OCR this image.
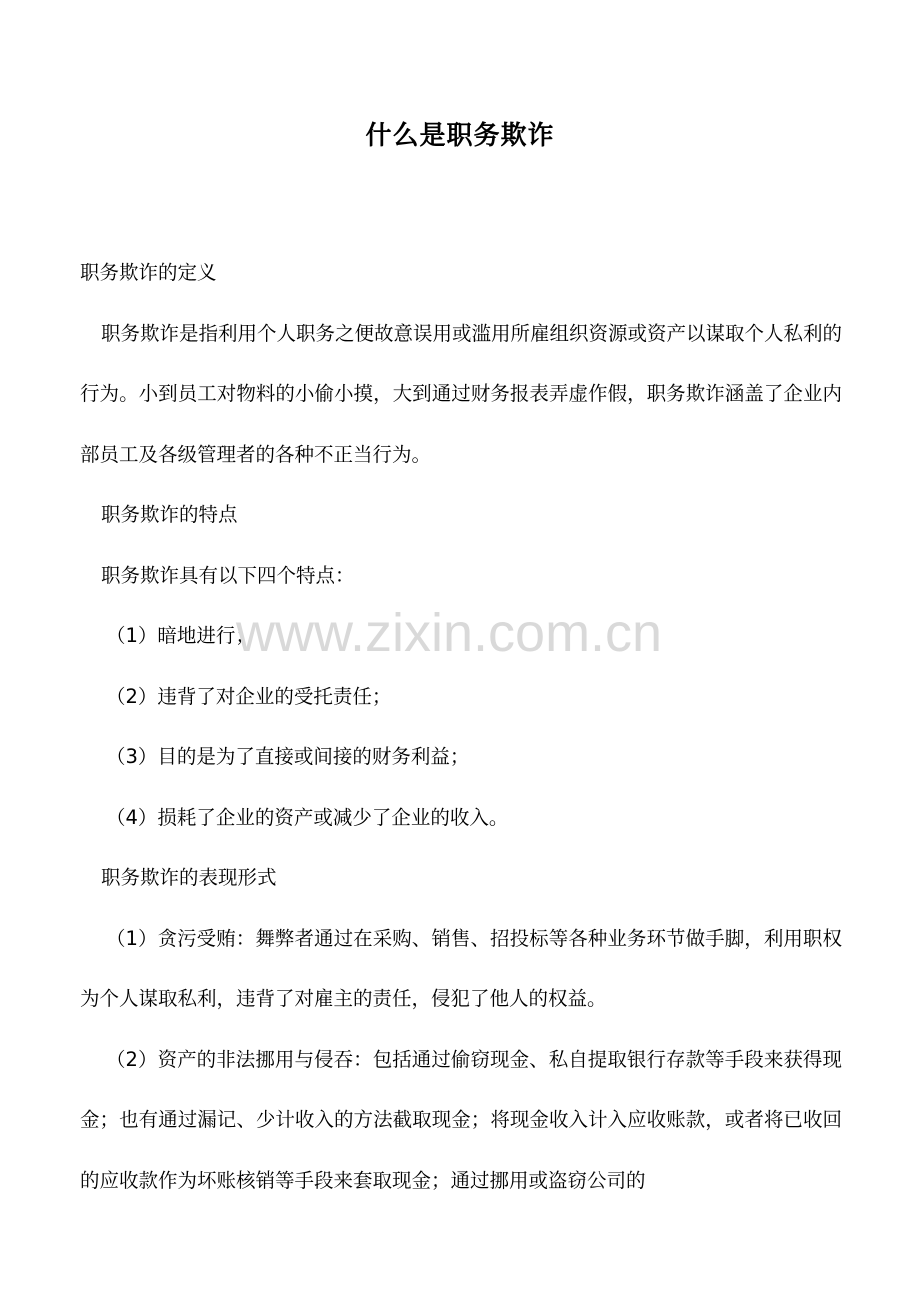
什么是职务欺诈

职务欺诈的定义

职务欺诈是指利用个人职务之便故意误用或滥用所雇组织资源或资产以谋取个人私利的行为。小到员工对物料的小偷小摸，大到通过财务报表弄虚作假，职务欺诈涵盖了企业内部员工及各级管理者的各种不正当行为。

职务欺诈的特点

职务欺诈具有以下四个特点：

（1）暗地进行；

（2）违背了对企业的受托责任；

（3）目的是为了直接或间接的财务利益；

（4）损耗了企业的资产或减少了企业的收入。

职务欺诈的表现形式

（1）贪污受贿：舞弊者通过在采购、销售、招投标等各种业务环节做手脚，利用职权为个人谋取私利，违背了对雇主的责任，侵犯了他人的权益。

（2）资产的非法挪用与侵吞：包括通过偷窃现金、私自提取银行存款等手段来获得现金；也有通过漏记、少计收入的方法截取现金；将现金收入计入应收账款，或者将已收回的应收款作为坏账核销等手段来套取现金；通过挪用或盗窃公司的

www.zixin.com.cn
